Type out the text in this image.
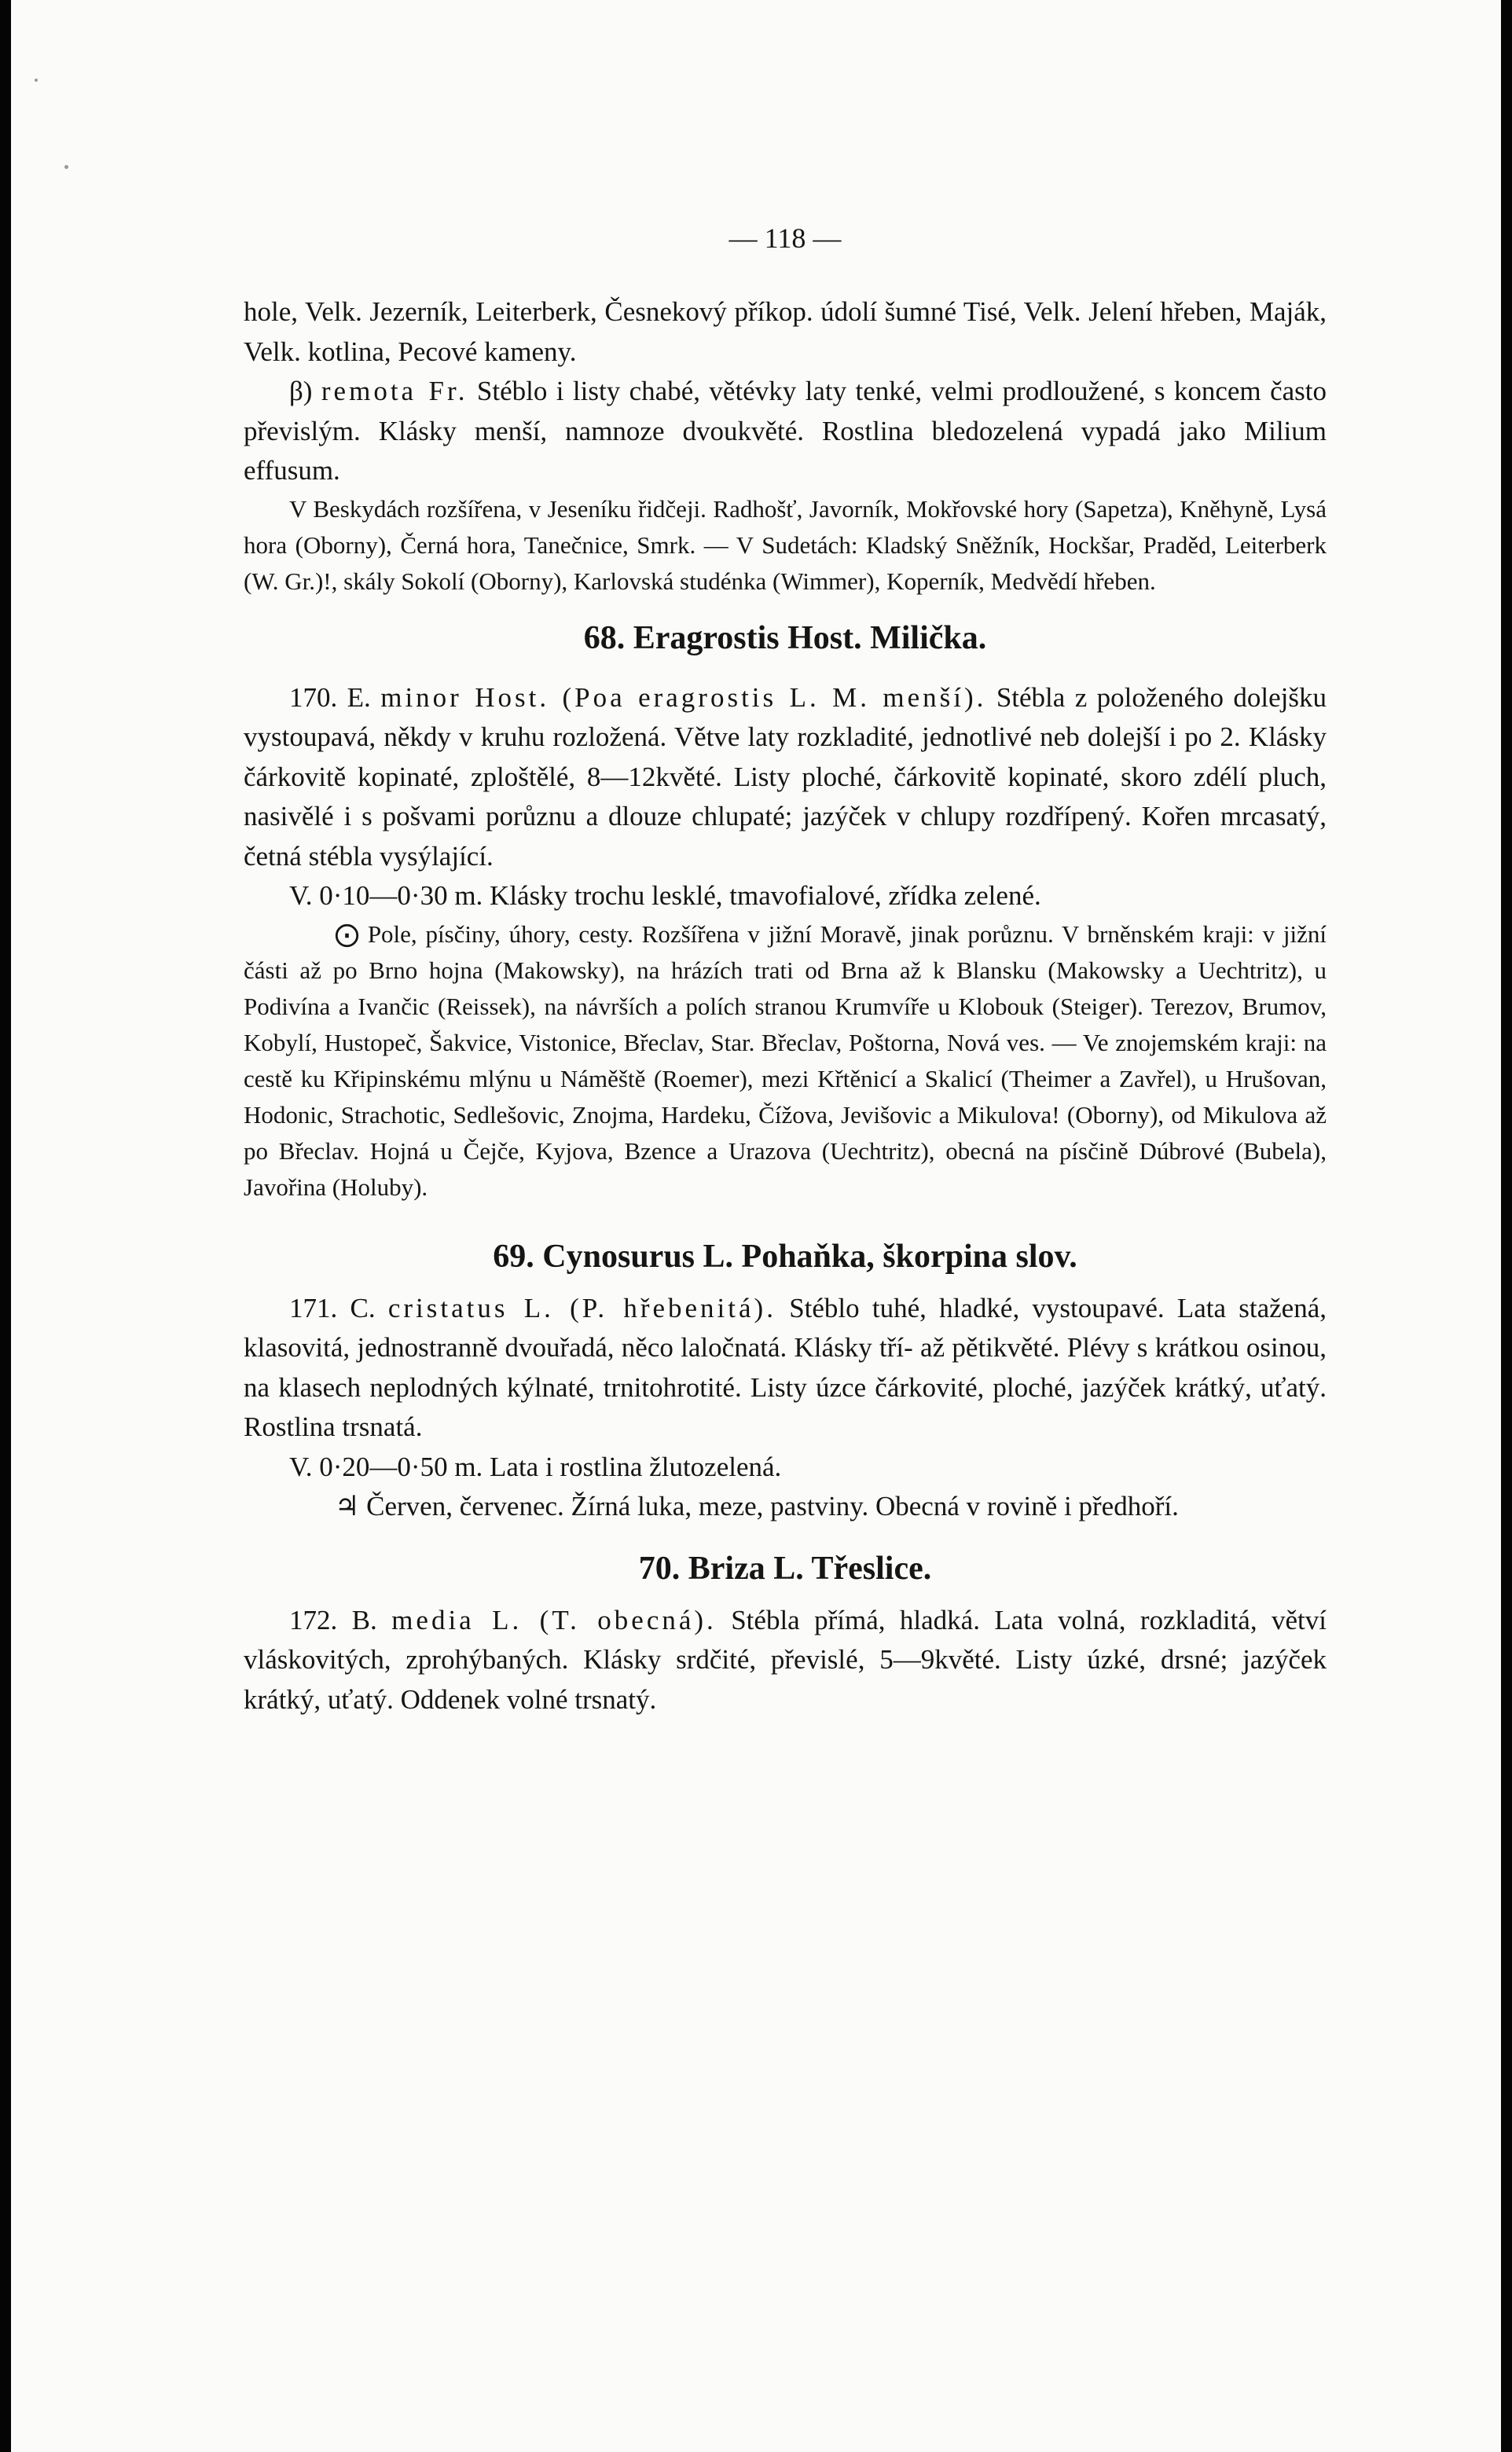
— 118 —

hole, Velk. Jezerník, Leiterberk, Česnekový příkop. údolí šumné Tisé, Velk. Jelení hřeben, Maják, Velk. kotlina, Pecové kameny.

β) remota Fr. Stéblo i listy chabé, větévky laty tenké, velmi prodloužené, s koncem často převislým. Klásky menší, namnoze dvoukvěté. Rostlina bledozelená vypadá jako Milium effusum.

V Beskydách rozšířena, v Jeseníku řidčeji. Radhošť, Javorník, Mokřovské hory (Sapetza), Kněhyně, Lysá hora (Oborny), Černá hora, Tanečnice, Smrk. — V Sudetách: Kladský Sněžník, Hockšar, Praděd, Leiterberk (W. Gr.)!, skály Sokolí (Oborny), Karlovská studénka (Wimmer), Koperník, Medvědí hřeben.

68. Eragrostis Host. Milička.

170. E. minor Host. (Poa eragrostis L. M. menší). Stébla z položeného dolejšku vystoupavá, někdy v kruhu rozložená. Větve laty rozkladité, jednotlivé neb dolejší i po 2. Klásky čárkovitě kopinaté, zploštělé, 8—12květé. Listy ploché, čárkovitě kopinaté, skoro zdélí pluch, nasivělé i s pošvami porůznu a dlouze chlupaté; jazýček v chlupy rozdřípený. Kořen mrcasatý, četná stébla vysýlající.

V. 0·10—0·30 m. Klásky trochu lesklé, tmavofialové, zřídka zelené.

⨀ Pole, písčiny, úhory, cesty. Rozšířena v jižní Moravě, jinak porůznu. V brněnském kraji: v jižní části až po Brno hojna (Makowsky), na hrázích trati od Brna až k Blansku (Makowsky a Uechtritz), u Podivína a Ivančic (Reissek), na návrších a polích stranou Krumvíře u Klobouk (Steiger). Terezov, Brumov, Kobylí, Hustopeč, Šakvice, Vistonice, Břeclav, Star. Břeclav, Poštorna, Nová ves. — Ve znojemském kraji: na cestě ku Křipinskému mlýnu u Náměště (Roemer), mezi Křtěnicí a Skalicí (Theimer a Zavřel), u Hrušovan, Hodonic, Strachotic, Sedlešovic, Znojma, Hardeku, Čížova, Jevišovic a Mikulova! (Oborny), od Mikulova až po Břeclav. Hojná u Čejče, Kyjova, Bzence a Urazova (Uechtritz), obecná na písčině Dúbrové (Bubela), Javořina (Holuby).

69. Cynosurus L. Pohaňka, škorpina slov.

171. C. cristatus L. (P. hřebenitá). Stéblo tuhé, hladké, vystoupavé. Lata stažená, klasovitá, jednostranně dvouřadá, něco laločnatá. Klásky tří- až pětikvěté. Plévy s krátkou osinou, na klasech neplodných kýlnaté, trnitohrotité. Listy úzce čárkovité, ploché, jazýček krátký, uťatý. Rostlina trsnatá.

V. 0·20—0·50 m. Lata i rostlina žlutozelená.

♃ Červen, červenec. Žírná luka, meze, pastviny. Obecná v rovině i předhoří.

70. Briza L. Třeslice.

172. B. media L. (T. obecná). Stébla přímá, hladká. Lata volná, rozkladitá, větví vláskovitých, zprohýbaných. Klásky srdčité, převislé, 5—9květé. Listy úzké, drsné; jazýček krátký, uťatý. Oddenek volné trsnatý.
